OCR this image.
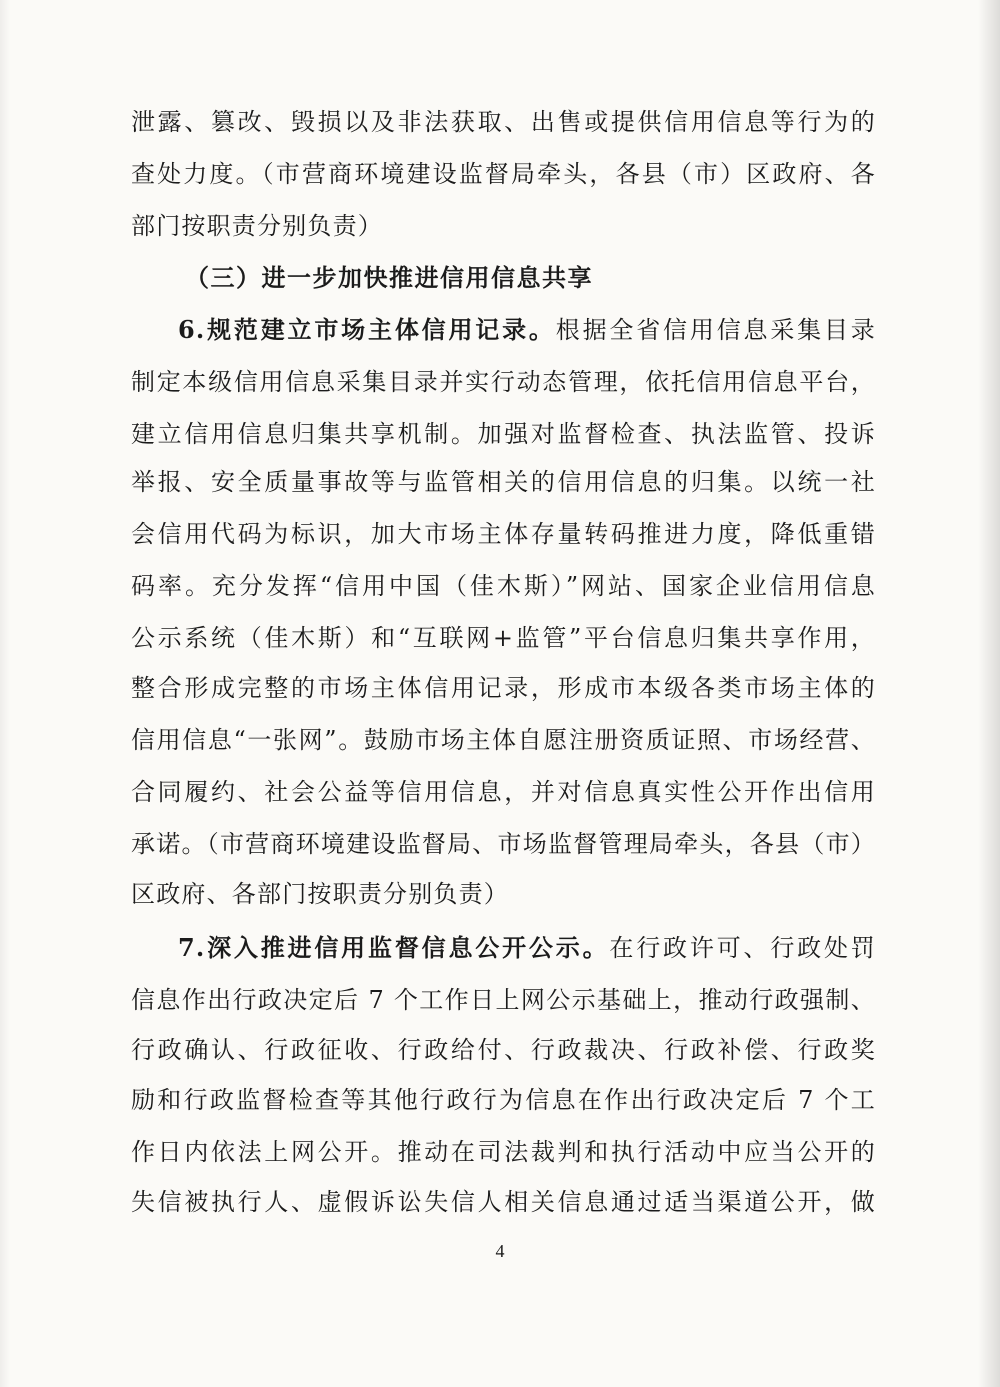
泄露、篡改、毁损以及非法获取、出售或提供信用信息等行为的
查处力度。（市营商环境建设监督局牵头，各县（市）区政府、各
部门按职责分别负责）
（三）进一步加快推进信用信息共享
6.规范建立市场主体信用记录。根据全省信用信息采集目录
制定本级信用信息采集目录并实行动态管理，依托信用信息平台，
建立信用信息归集共享机制。加强对监督检查、执法监管、投诉
举报、安全质量事故等与监管相关的信用信息的归集。以统一社
会信用代码为标识，加大市场主体存量转码推进力度，降低重错
码率。充分发挥“信用中国（佳木斯）”网站、国家企业信用信息
公示系统（佳木斯）和“互联网+监管”平台信息归集共享作用，
整合形成完整的市场主体信用记录，形成市本级各类市场主体的
信用信息“一张网”。鼓励市场主体自愿注册资质证照、市场经营、
合同履约、社会公益等信用信息，并对信息真实性公开作出信用
承诺。（市营商环境建设监督局、市场监督管理局牵头，各县（市）
区政府、各部门按职责分别负责）
7.深入推进信用监督信息公开公示。在行政许可、行政处罚
信息作出行政决定后 7 个工作日上网公示基础上，推动行政强制、
行政确认、行政征收、行政给付、行政裁决、行政补偿、行政奖
励和行政监督检查等其他行政行为信息在作出行政决定后 7 个工
作日内依法上网公开。推动在司法裁判和执行活动中应当公开的
失信被执行人、虚假诉讼失信人相关信息通过适当渠道公开，做
4
